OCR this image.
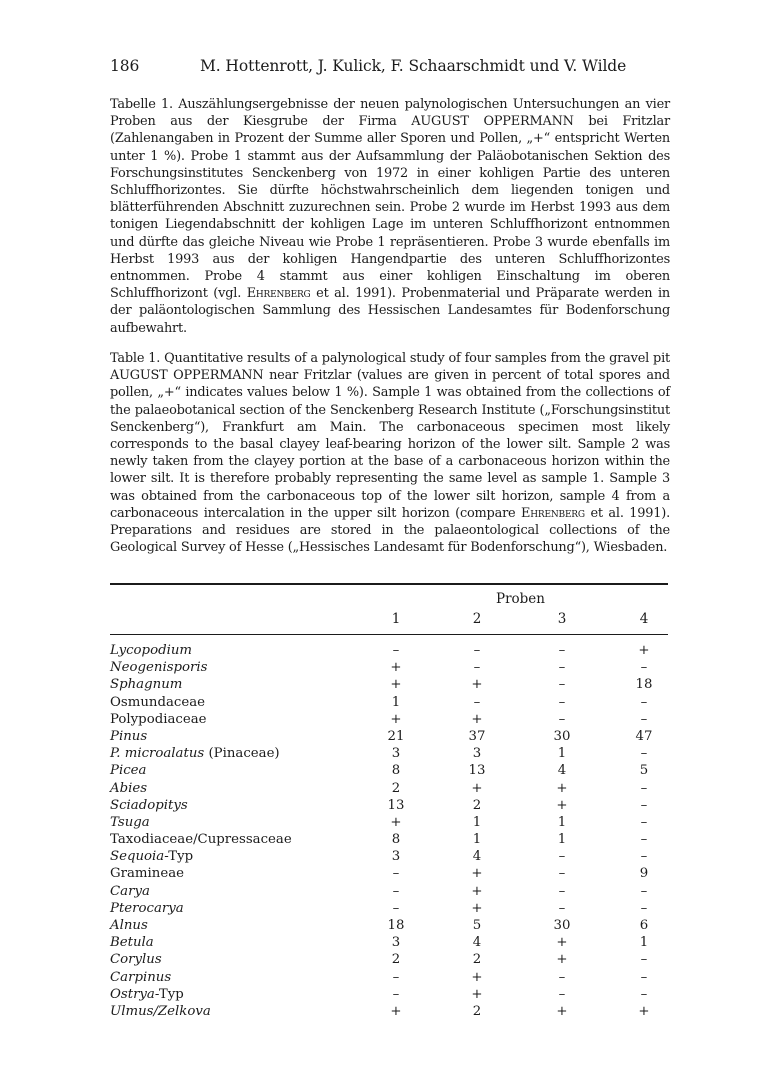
186	M. Hottenrott, J. Kulick, F. Schaarschmidt und V. Wilde
Tabelle 1. Auszählungsergebnisse der neuen palynologischen Untersuchungen an vier Proben aus der Kiesgrube der Firma AUGUST OPPERMANN bei Fritzlar (Zahlenangaben in Prozent der Summe aller Sporen und Pollen, „+“ entspricht Werten unter 1 %). Probe 1 stammt aus der Aufsammlung der Paläobotanischen Sektion des Forschungsinstitutes Senckenberg von 1972 in einer kohligen Partie des unteren Schluffhorizontes. Sie dürfte höchstwahrscheinlich dem liegenden tonigen und blätterführenden Abschnitt zuzurechnen sein. Probe 2 wurde im Herbst 1993 aus dem tonigen Liegendabschnitt der kohligen Lage im unteren Schluffhorizont entnommen und dürfte das gleiche Niveau wie Probe 1 repräsentieren. Probe 3 wurde ebenfalls im Herbst 1993 aus der kohligen Hangendpartie des unteren Schluffhorizontes entnommen. Probe 4 stammt aus einer kohligen Einschaltung im oberen Schluffhorizont (vgl. Ehrenberg et al. 1991). Probenmaterial und Präparate werden in der paläontologischen Sammlung des Hessischen Landesamtes für Bodenforschung aufbewahrt.
Table 1. Quantitative results of a palynological study of four samples from the gravel pit AUGUST OPPERMANN near Fritzlar (values are given in percent of total spores and pollen, „+“ indicates values below 1 %). Sample 1 was obtained from the collections of the palaeobotanical section of the Senckenberg Research Institute („Forschungsinstitut Senckenberg“), Frankfurt am Main. The carbonaceous specimen most likely corresponds to the basal clayey leaf-bearing horizon of the lower silt. Sample 2 was newly taken from the clayey portion at the base of a carbonaceous horizon within the lower silt. It is therefore probably representing the same level as sample 1. Sample 3 was obtained from the carbonaceous top of the lower silt horizon, sample 4 from a carbonaceous intercalation in the upper silt horizon (compare Ehrenberg et al. 1991). Preparations and residues are stored in the palaeontological collections of the Geological Survey of Hesse („Hessisches Landesamt für Bodenforschung“), Wiesbaden.
Proben
1	2	3	4
Lycopodium	–	–	–	+
Neogenisporis	+	–	–	–
Sphagnum	+	+	–	18
Osmundaceae	1	–	–	–
Polypodiaceae	+	+	–	–
Pinus	21	37	30	47
P. microalatus (Pinaceae)	3	3	1	–
Picea	8	13	4	5
Abies	2	+	+	–
Sciadopitys	13	2	+	–
Tsuga	+	1	1	–
Taxodiaceae/Cupressaceae	8	1	1	–
Sequoia-Typ	3	4	–	–
Gramineae	–	+	–	9
Carya	–	+	–	–
Pterocarya	–	+	–	–
Alnus	18	5	30	6
Betula	3	4	+	1
Corylus	2	2	+	–
Carpinus	–	+	–	–
Ostrya-Typ	–	+	–	–
Ulmus/Zelkova	+	2	+	+
